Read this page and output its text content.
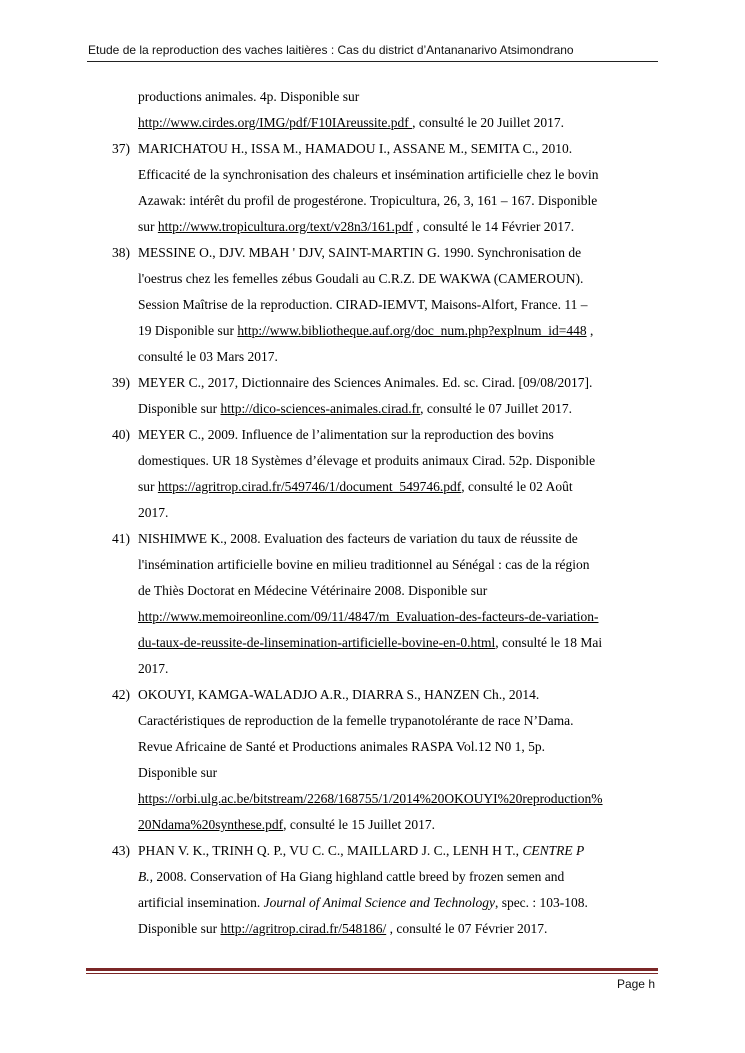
Etude de la reproduction des vaches laitières : Cas du district d’Antananarivo Atsimondrano
productions animales. 4p. Disponible sur
http://www.cirdes.org/IMG/pdf/F10IAreussite.pdf , consulté le 20 Juillet 2017.
37) MARICHATOU H., ISSA M., HAMADOU I., ASSANE M., SEMITA C., 2010.
Efficacité de la synchronisation des chaleurs et insémination artificielle chez le bovin
Azawak: intérêt du profil de progestérone. Tropicultura, 26, 3, 161 – 167. Disponible
sur http://www.tropicultura.org/text/v28n3/161.pdf , consulté le 14 Février 2017.
38) MESSINE O., DJV. MBAH ' DJV, SAINT-MARTIN G. 1990. Synchronisation de
l'oestrus chez les femelles zébus Goudali au C.R.Z. DE WAKWA (CAMEROUN).
Session Maîtrise de la reproduction. CIRAD-IEMVT, Maisons-Alfort, France. 11 –
19 Disponible sur http://www.bibliotheque.auf.org/doc_num.php?explnum_id=448 ,
consulté le 03 Mars 2017.
39) MEYER C., 2017, Dictionnaire des Sciences Animales. Ed. sc. Cirad. [09/08/2017].
Disponible sur http://dico-sciences-animales.cirad.fr, consulté le 07 Juillet 2017.
40) MEYER C., 2009. Influence de l’alimentation sur la reproduction des bovins
domestiques. UR 18 Systèmes d’élevage et produits animaux Cirad. 52p. Disponible
sur https://agritrop.cirad.fr/549746/1/document_549746.pdf, consulté le 02 Août
2017.
41) NISHIMWE K., 2008. Evaluation des facteurs de variation du taux de réussite de
l'insémination artificielle bovine en milieu traditionnel au Sénégal : cas de la région
de Thiès Doctorat en Médecine Vétérinaire 2008. Disponible sur
http://www.memoireonline.com/09/11/4847/m_Evaluation-des-facteurs-de-variation-
du-taux-de-reussite-de-linsemination-artificielle-bovine-en-0.html, consulté le 18 Mai
2017.
42) OKOUYI, KAMGA-WALADJO A.R., DIARRA S., HANZEN Ch., 2014.
Caractéristiques de reproduction de la femelle trypanotolérante de race N’Dama.
Revue Africaine de Santé et Productions animales RASPA Vol.12 N0 1, 5p.
Disponible sur
https://orbi.ulg.ac.be/bitstream/2268/168755/1/2014%20OKOUYI%20reproduction%
20Ndama%20synthese.pdf, consulté le 15 Juillet 2017.
43) PHAN V. K., TRINH Q. P., VU C. C., MAILLARD J. C., LENH H T., CENTRE P
B., 2008. Conservation of Ha Giang highland cattle breed by frozen semen and
artificial insemination. Journal of Animal Science and Technology, spec. : 103-108.
Disponible sur http://agritrop.cirad.fr/548186/ , consulté le 07 Février 2017.
Page h
